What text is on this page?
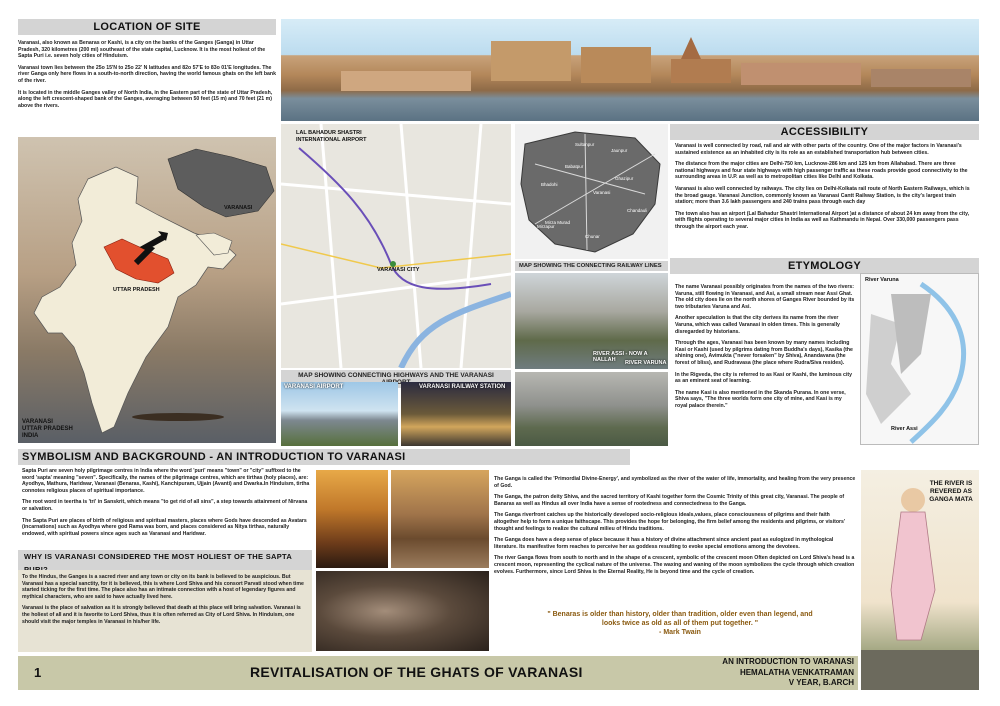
LOCATION OF SITE

Varanasi, also known as Benaras or Kashi, is a city on the banks of the Ganges (Ganga) in Uttar Pradesh, 320 kilometres (200 mi) southeast of the state capital, Lucknow. It is the most holiest of the Sapta Puri i.e. seven holy cities of Hinduism.

Varanasi town lies between the 25o 15'N to 25o 22' N latitudes and 82o 57'E to 83o 01'E longitudes. The river Ganga only here flows in a south-to-north direction, having the world famous ghats on the left bank of the river.

It is located in the middle Ganges valley of North India, in the Eastern part of the state of Uttar Pradesh, along the left crescent-shaped bank of the Ganges, averaging between 50 feet (15 m) and 70 feet (21 m) above the rivers.

UTTAR PRADESH
VARANASI
VARANASI
UTTAR PRADESH
INDIA
LAL BAHADUR SHASTRI INTERNATIONAL AIRPORT
VARANASI CITY
MAP SHOWING CONNECTING HIGHWAYS AND THE VARANASI
VARANASI AIRPORT	VARANASI RAILWAY STATION
Sultanpur
Jaunpur
Ghazipur
Varanasi
Chandauli
Mirzapur
Bhadohi
Babatpur
Mirza Murad
Chunar
MAP SHOWING THE CONNECTING RAILWAY LINES
RIVER ASSI - NOW A NALLAH	RIVER VARUNA
ACCESSIBILITY

Varanasi is well connected by road, rail and air with other parts of the country. One of the major factors in Varanasi's sustained existence as an inhabited city is its role as an established transportation hub between cities.

The distance from the major cities are Delhi-750 km, Lucknow-286 km and 125 km from Allahabad. There are three national highways and four state highways with high passenger traffic as these roads provide good connectivity to the surrounding areas in U.P. as well as to metropolitan cities like Delhi and Kolkata.

Varanasi is also well connected by railways. The city lies on Delhi-Kolkata rail route of North Eastern Railways, which is the broad gauge. Varanasi Junction, commonly known as Varanasi Cantt Railway Station, is the city's largest train station; more than 3.6 lakh passengers and 240 trains pass through each day

The town also has an airport (Lal Bahadur Shastri International Airport )at a distance of about 24 km away from the city, with flights operating to several major cities in India as well as Kathmandu in Nepal. Over 330,000 passengers pass through the airport each year.

ETYMOLOGY

The name Varanasi possibly originates from the names of the two rivers: Varuna, still flowing in Varanasi, and Asi, a small stream near Assi Ghat. The old city does lie on the north shores of Ganges River bounded by its two tributaries Varuna and Asi.

Another speculation is that the city derives its name from the river Varuna, which was called Varanasi in olden times. This is generally disregarded by historians.

Through the ages, Varanasi has been known by many names including Kasi or Kashi (used by pilgrims dating from Buddha's days), Kasika (the shining one), Avimukta ("never forsaken" by Shiva), Anandavana (the forest of bliss), and Rudravasa (the place where Rudra/Siva resides).

In the Rigveda, the city is referred to as Kasi or Kashi, the luminous city as an eminent seat of learning.

The name Kasi is also mentioned in the Skanda Purana. In one verse, Shiva says, "The three worlds form one city of mine, and Kasi is my royal palace therein."

River Varuna
River Assi
SYMBOLISM AND BACKGROUND - AN INTRODUCTION TO VARANASI

Sapta Puri are seven holy pilgrimage centres in India where the word 'puri' means "town" or "city" suffixed to the word 'sapta' meaning "seven". Specifically, the names of the pilgrimage centres, which are tirthas (holy places), are: Ayodhya, Mathura, Haridwar, Varanasi (Benaras, Kashi), Kanchipuram, Ujjain (Avanti) and Dwarka.In Hinduism, tirtha connotes religious places of spiritual importance.

The root word in teertha is 'tri' in Sanskrit, which means "to get rid of all sins", a step towards attainment of Nirvana or salvation.

The Sapta Puri are places of birth of religious and spiritual masters, places where Gods have descended as Avatars (incarnations) such as Ayodhya where god Rama was born, and places considered as Nitya tirthas, naturally endowed, with spiritual powers since ages such as Varanasi and Haridwar.

WHY IS VARANASI CONSIDERED THE MOST HOLIEST OF THE SAPTA

To the Hindus, the Ganges is a sacred river and any town or city on its bank is believed to be auspicious. But Varanasi has a special sanctity, for it is believed, this is where Lord Shiva and his consort Parvati stood when time started ticking for the first time. The place also has an intimate connection with a host of legendary figures and mythical characters, who are said to have actually lived here.

Varanasi is the place of salvation as it is strongly believed that death at this place will bring salvation. Varanasi is the holiest of all and it is favorite to Lord Shiva, thus it is often referred as City of Lord Shiva. In Hinduism, one should visit the major temples in Varanasi in his/her life.

The Ganga is called the 'Primordial Divine-Energy', and symbolized as the river of the water of life, immortality, and healing from the very presence of God.

The Ganga, the patron deity Shiva, and the sacred territory of Kashi together form the Cosmic Trinity of this great city, Varanasi. The people of Banaras as well as Hindus all over India have a sense of rootedness and connectedness to the Ganga.

The Ganga riverfront catches up the historically developed socio-religious ideals,values, place consciousness of pilgrims and their faith altogether help to form a unique faithscape. This provides the hope for belonging, the firm belief among the residents and pilgrims, or visitors' thought and feelings to realize the cultural milieu of Hindu traditions.

The Ganga does have a deep sense of place because it has a history of divine attachment since ancient past as eulogized in mythological literature. Its manifestive form reaches to perceive her as goddess resulting to evoke special emotions among the devotees.

The river Ganga flows from south to north and in the shape of a crescent, symbolic of the crescent moon Often depicted on Lord Shiva's head is a crescent moon, representing the cyclical nature of the universe. The waxing and waning of the moon symbolizes the cycle through which creation evolves. Furthermore, since Lord Shiva is the Eternal Reality, He is beyond time and the cycle of creation.

" Benaras is older than history, older than tradition, older even than legend, and looks twice as old as all of them put together. "
- Mark Twain
THE RIVER IS
REVERED AS
GANGA MATA
1	REVITALISATION OF THE GHATS OF VARANASI
AN INTRODUCTION TO VARANASI
HEMALATHA VENKATRAMAN
V YEAR, B.ARCH
